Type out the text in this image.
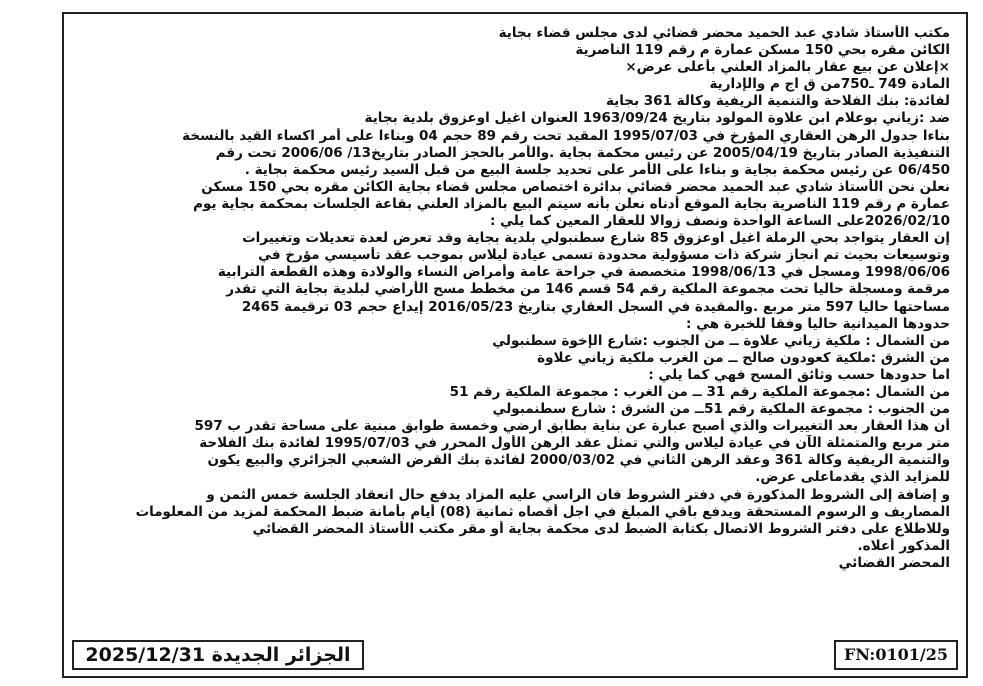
مكتب الأستاذ شادي عبد الحميد محضر قضائي لدى مجلس قضاء بجاية
الكائن مقره بحي 150 مسكن عمارة م رقم 119 الناصرية
×إعلان عن بيع عقار بالمزاد العلني بأعلى عرض×
المادة 749 ـ750من ق اج م والإدارية
لفائدة: بنك الفلاحة والتنمية الريفية وكالة 361 بجاية
ضد :زياني بوعلام ابن علاوة المولود بتاريخ 1963/09/24 العنوان اغيل اوعزوق بلدية بجاية
بناءا جدول الرهن العقاري المؤرخ في 1995/07/03 المقيد تحت رقم 89 حجم 04 وبناءا على أمر اكساء القيد بالنسخة
التنفيذية الصادر بتاريخ 2005/04/19 عن رئيس محكمة بجاية .والأمر بالحجز الصادر بتاريخ13/ 2006/06 تحت رقم
06/450 عن رئيس محكمة بجاية و بناءا على الأمر على تحديد جلسة البيع من قبل السيد رئيس محكمة بجاية .
نعلن نحن الأستاذ شادي عبد الحميد محضر قضائي بدائرة اختصاص مجلس قضاء بجاية الكائن مقره بحي 150 مسكن
عمارة م رقم 119 الناصرية بجاية الموقع أدناه نعلن بأنه سيتم البيع بالمزاد العلني بقاعة الجلسات بمحكمة بجاية يوم
2026/02/10على الساعة الواحدة ونصف زوالا للعقار المعين كما يلي :
إن العقار يتواجد بحي الرملة اغيل اوعزوق 85 شارع سطنبولي بلدية بجاية وقد تعرض لعدة تعديلات وتغييرات
وتوسيعات بحيث تم انجاز شركة ذات مسؤولية محدودة تسمى عيادة ليلاس بموجب عقد تأسيسي مؤرخ في
1998/06/06 ومسجل في 1998/06/13 متخصصة في جراحة عامة وأمراض النساء والولادة وهذه القطعة الترابية
مرقمة ومسجلة حاليا تحت مجموعة الملكية رقم 54 قسم 146 من مخطط مسح الأراضي لبلدية بجاية التي تقدر
مساحتها حاليا 597 متر مربع .والمقيدة في السجل العقاري بتاريخ 2016/05/23 إيداع حجم 03 ترقيمة 2465
حدودها الميدانية حاليا وفقا للخبرة هي :
من الشمال : ملكية زياني علاوة ــ من الجنوب :شارع الإخوة سطنبولي
من الشرق :ملكية كعودون صالح ــ من الغرب ملكية زياني علاوة
اما حدودها حسب وثائق المسح فهي كما يلي :
من الشمال :مجموعة الملكية رقم 31 ــ من الغرب : مجموعة الملكية رقم 51
من الجنوب : مجموعة الملكية رقم 51ــ من الشرق : شارع سطنمبولي
أن هذا العقار بعد التغييرات والذي أصبح عبارة عن بناية بطابق ارضي وخمسة طوابق مبنية على مساحة تقدر ب 597
متر مربع والمتمثلة الآن في عيادة ليلاس والتي تمثل عقد الرهن الأول المحرر في 1995/07/03 لفائدة بنك الفلاحة
والتنمية الريفية وكالة 361 وعقد الرهن الثاني في 2000/03/02 لفائدة بنك القرض الشعبي الجزائري والبيع يكون
للمزايد الذي يقدماعلى عرض.
و إضافة إلى الشروط المذكورة في دفتر الشروط فان الراسي عليه المزاد يدفع حال انعقاد الجلسة خمس الثمن و
المصاريف و الرسوم المستحقة ويدفع باقي المبلغ في اجل أقصاه ثمانية (08) أيام بأمانة ضبط المحكمة لمزيد من المعلومات
وللاطلاع على دفتر الشروط الاتصال بكتابة الضبط لدى محكمة بجاية أو مقر مكتب الأستاذ المحضر القضائي
المذكور أعلاه.
المحضر القضائي
الجزائر الجديدة 2025/12/31	FN:0101/25
